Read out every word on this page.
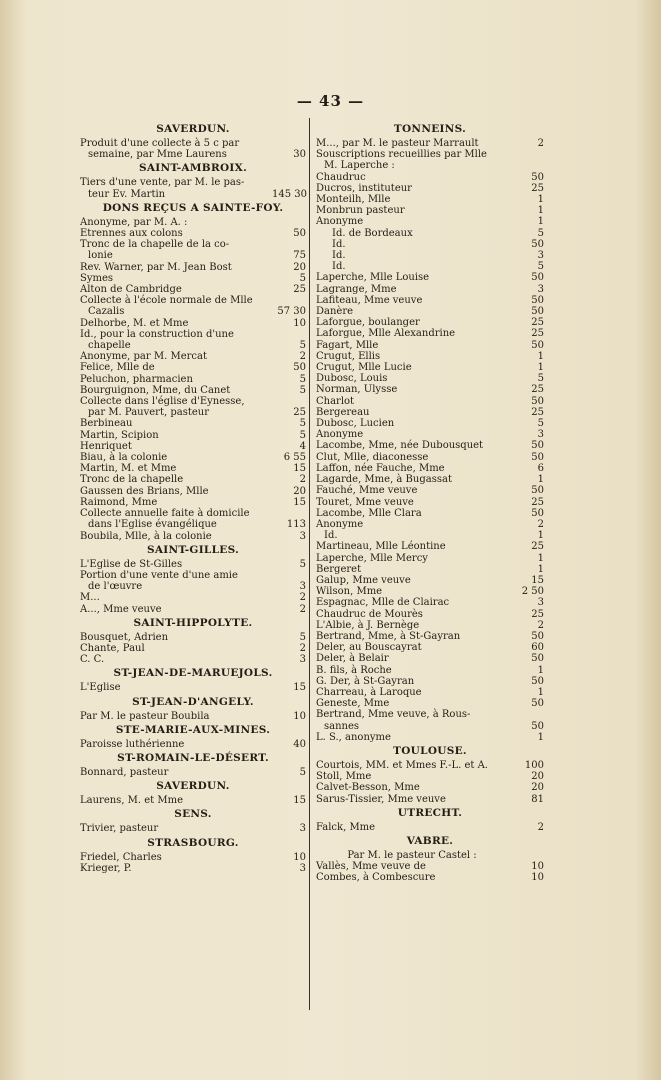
— 43 —
SAVERDUN.
Produit d'une collecte à 5 c par
semaine, par Mme Laurens	30
SAINT-AMBROIX.
Tiers d'une vente, par M. le pas-
teur Ev. Martin	145 30
DONS REÇUS A SAINTE-FOY.
Anonyme, par M. A. :
Etrennes aux colons	50
Tronc de la chapelle de la co-
lonie	75
Rev. Warner, par M. Jean Bost	20
Symes	5
Alton de Cambridge	25
Collecte à l'école normale de Mlle
Cazalis	57 30
Delhorbe, M. et Mme	10
Id., pour la construction d'une
chapelle	5
Anonyme, par M. Mercat	2
Felice, Mlle de	50
Peluchon, pharmacien	5
Bourguignon, Mme, du Canet	5
Collecte dans l'église d'Eynesse,
par M. Pauvert, pasteur	25
Berbineau	5
Martin, Scipion	5
Henriquet	4
Biau, à la colonie	6 55
Martin, M. et Mme	15
Tronc de la chapelle	2
Gaussen des Brians, Mlle	20
Raimond, Mme	15
Collecte annuelle faite à domicile
dans l'Eglise évangélique	113
Boubila, Mlle, à la colonie	3
SAINT-GILLES.
L'Eglise de St-Gilles	5
Portion d'une vente d'une amie
de l'œuvre	3
M...	2
A..., Mme veuve	2
SAINT-HIPPOLYTE.
Bousquet, Adrien	5
Chante, Paul	2
C. C.	3
ST-JEAN-DE-MARUEJOLS.
L'Eglise	15
ST-JEAN-D'ANGELY.
Par M. le pasteur Boubila	10
STE-MARIE-AUX-MINES.
Paroisse luthérienne	40
ST-ROMAIN-LE-DÉSERT.
Bonnard, pasteur	5
SAVERDUN.
Laurens, M. et Mme	15
SENS.
Trivier, pasteur	3
STRASBOURG.
Friedel, Charles	10
Krieger, P.	3
TONNEINS.
M..., par M. le pasteur Marrault	2
Souscriptions recueillies par Mlle
M. Laperche :
Chaudruc	50
Ducros, instituteur	25
Monteilh, Mlle	1
Monbrun pasteur	1
Anonyme	1
Id. de Bordeaux	5
Id.	50
Id.	3
Id.	5
Laperche, Mlle Louise	50
Lagrange, Mme	3
Lafiteau, Mme veuve	50
Danère	50
Laforgue, boulanger	25
Laforgue, Mlle Alexandrine	25
Fagart, Mlle	50
Crugut, Ellis	1
Crugut, Mlle Lucie	1
Dubosc, Louis	5
Norman, Ulysse	25
Charlot	50
Bergereau	25
Dubosc, Lucien	5
Anonyme	3
Lacombe, Mme, née Dubousquet	50
Clut, Mlle, diaconesse	50
Laffon, née Fauche, Mme	6
Lagarde, Mme, à Bugassat	1
Fauché, Mme veuve	50
Touret, Mme veuve	25
Lacombe, Mlle Clara	50
Anonyme	2
Id.	1
Martineau, Mlle Léontine	25
Laperche, Mlle Mercy	1
Bergeret	1
Galup, Mme veuve	15
Wilson, Mme	2 50
Espagnac, Mlle de Clairac	3
Chaudruc de Mourès	25
L'Albie, à J. Bernège	2
Bertrand, Mme, à St-Gayran	50
Deler, au Bouscayrat	60
Deler, à Belair	50
B. fils, à Roche	1
G. Der, à St-Gayran	50
Charreau, à Laroque	1
Geneste, Mme	50
Bertrand, Mme veuve, à Rous-
sannes	50
L. S., anonyme	1
TOULOUSE.
Courtois, MM. et Mmes F.-L. et A.	100
Stoll, Mme	20
Calvet-Besson, Mme	20
Sarus-Tissier, Mme veuve	81
UTRECHT.
Falck, Mme	2
VABRE.
Par M. le pasteur Castel :
Vallès, Mme veuve de	10
Combes, à Combescure	10
